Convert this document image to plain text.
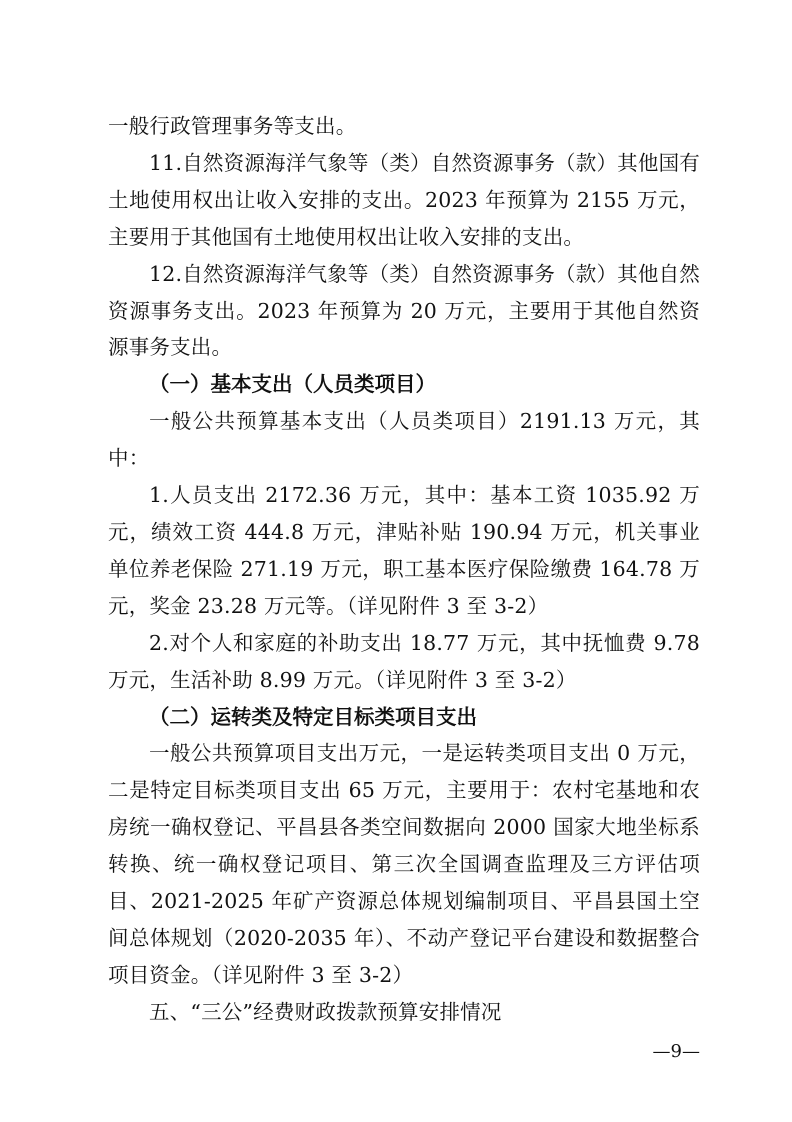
一般行政管理事务等支出。

11.自然资源海洋气象等（类）自然资源事务（款）其他国有土地使用权出让收入安排的支出。2023 年预算为 2155 万元，主要用于其他国有土地使用权出让收入安排的支出。

12.自然资源海洋气象等（类）自然资源事务（款）其他自然资源事务支出。2023 年预算为 20 万元，主要用于其他自然资源事务支出。

（一）基本支出（人员类项目）

一般公共预算基本支出（人员类项目）2191.13 万元，其中：

1.人员支出 2172.36 万元，其中：基本工资 1035.92 万元，绩效工资 444.8 万元，津贴补贴 190.94 万元，机关事业单位养老保险 271.19 万元，职工基本医疗保险缴费 164.78 万元，奖金 23.28 万元等。（详见附件 3 至 3-2）

2.对个人和家庭的补助支出 18.77 万元，其中抚恤费 9.78 万元，生活补助 8.99 万元。（详见附件 3 至 3-2）

（二）运转类及特定目标类项目支出

一般公共预算项目支出万元，一是运转类项目支出 0 万元，二是特定目标类项目支出 65 万元，主要用于：农村宅基地和农房统一确权登记、平昌县各类空间数据向 2000 国家大地坐标系转换、统一确权登记项目、第三次全国调查监理及三方评估项目、2021-2025 年矿产资源总体规划编制项目、平昌县国土空间总体规划（2020-2035 年）、不动产登记平台建设和数据整合项目资金。（详见附件 3 至 3-2）

五、“三公”经费财政拨款预算安排情况

—9—
